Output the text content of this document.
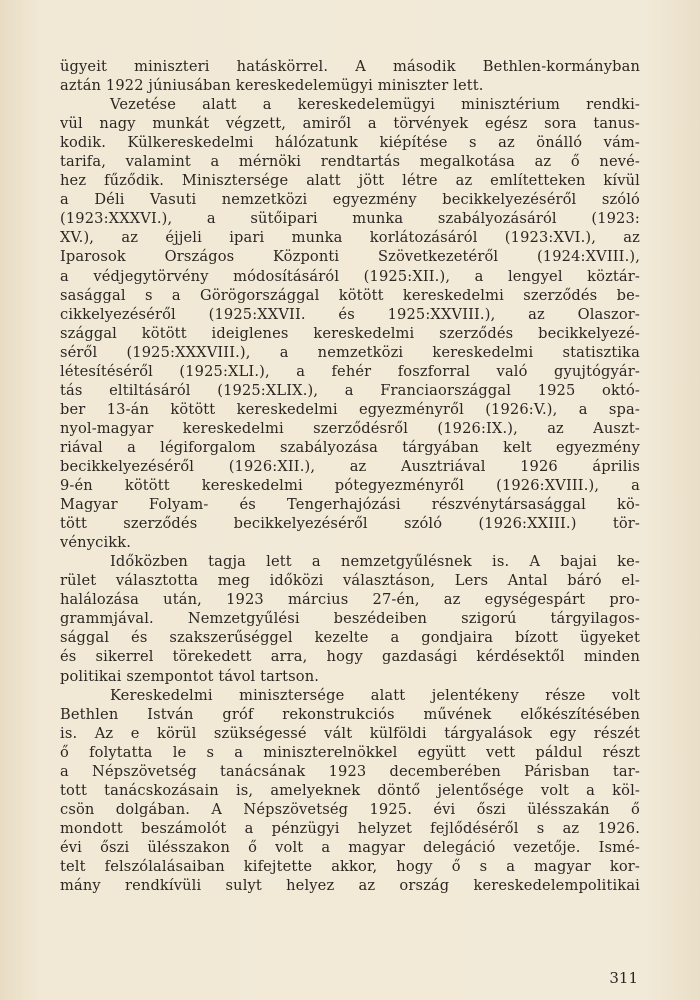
ügyeit miniszteri hatáskörrel. A második Bethlen-kormányban
aztán 1922 júniusában kereskedelemügyi miniszter lett.
Vezetése alatt a kereskedelemügyi minisztérium rendki-
vül nagy munkát végzett, amiről a törvények egész sora tanus-
kodik. Külkereskedelmi hálózatunk kiépítése s az önálló vám-
tarifa, valamint a mérnöki rendtartás megalkotása az ő nevé-
hez fűződik. Minisztersége alatt jött létre az említetteken kívül
a Déli Vasuti nemzetközi egyezmény becikkelyezéséről szóló
(1923:XXXVI.), a sütőipari munka szabályozásáról (1923:
XV.), az éjjeli ipari munka korlátozásáról (1923:XVI.), az
Iparosok Országos Központi Szövetkezetéről (1924:XVIII.),
a védjegytörvény módosításáról (1925:XII.), a lengyel köztár-
sasággal s a Görögországgal kötött kereskedelmi szerződés be-
cikkelyezéséről (1925:XXVII. és 1925:XXVIII.), az Olaszor-
szággal kötött ideiglenes kereskedelmi szerződés becikkelyezé-
séről (1925:XXXVIII.), a nemzetközi kereskedelmi statisztika
létesítéséről (1925:XLI.), a fehér foszforral való gyujtógyár-
tás eltiltásáról (1925:XLIX.), a Franciaországgal 1925 októ-
ber 13-án kötött kereskedelmi egyezményről (1926:V.), a spa-
nyol-magyar kereskedelmi szerződésről (1926:IX.), az Auszt-
riával a légiforgalom szabályozása tárgyában kelt egyezmény
becikkelyezéséről (1926:XII.), az Ausztriával 1926 április
9-én kötött kereskedelmi pótegyezményről (1926:XVIII.), a
Magyar Folyam- és Tengerhajózási részvénytársasággal kö-
tött szerződés becikkelyezéséről szóló (1926:XXIII.) tör-
vénycikk.
Időközben tagja lett a nemzetgyűlésnek is. A bajai ke-
rület választotta meg időközi választáson, Lers Antal báró el-
halálozása után, 1923 március 27-én, az egységespárt pro-
grammjával. Nemzetgyűlési beszédeiben szigorú tárgyilagos-
sággal és szakszerűséggel kezelte a gondjaira bízott ügyeket
és sikerrel törekedett arra, hogy gazdasági kérdésektől minden
politikai szempontot távol tartson.
Kereskedelmi minisztersége alatt jelentékeny része volt
Bethlen István gróf rekonstrukciós művének előkészítésében
is. Az e körül szükségessé vált külföldi tárgyalások egy részét
ő folytatta le s a miniszterelnökkel együtt vett páldul részt
a Népszövetség tanácsának 1923 decemberében Párisban tar-
tott tanácskozásain is, amelyeknek döntő jelentősége volt a köl-
csön dolgában. A Népszövetség 1925. évi őszi ülésszakán ő
mondott beszámolót a pénzügyi helyzet fejlődéséről s az 1926.
évi őszi ülésszakon ő volt a magyar delegáció vezetője. Ismé-
telt felszólalásaiban kifejtette akkor, hogy ő s a magyar kor-
mány rendkívüli sulyt helyez az ország kereskedelempolitikai
311
